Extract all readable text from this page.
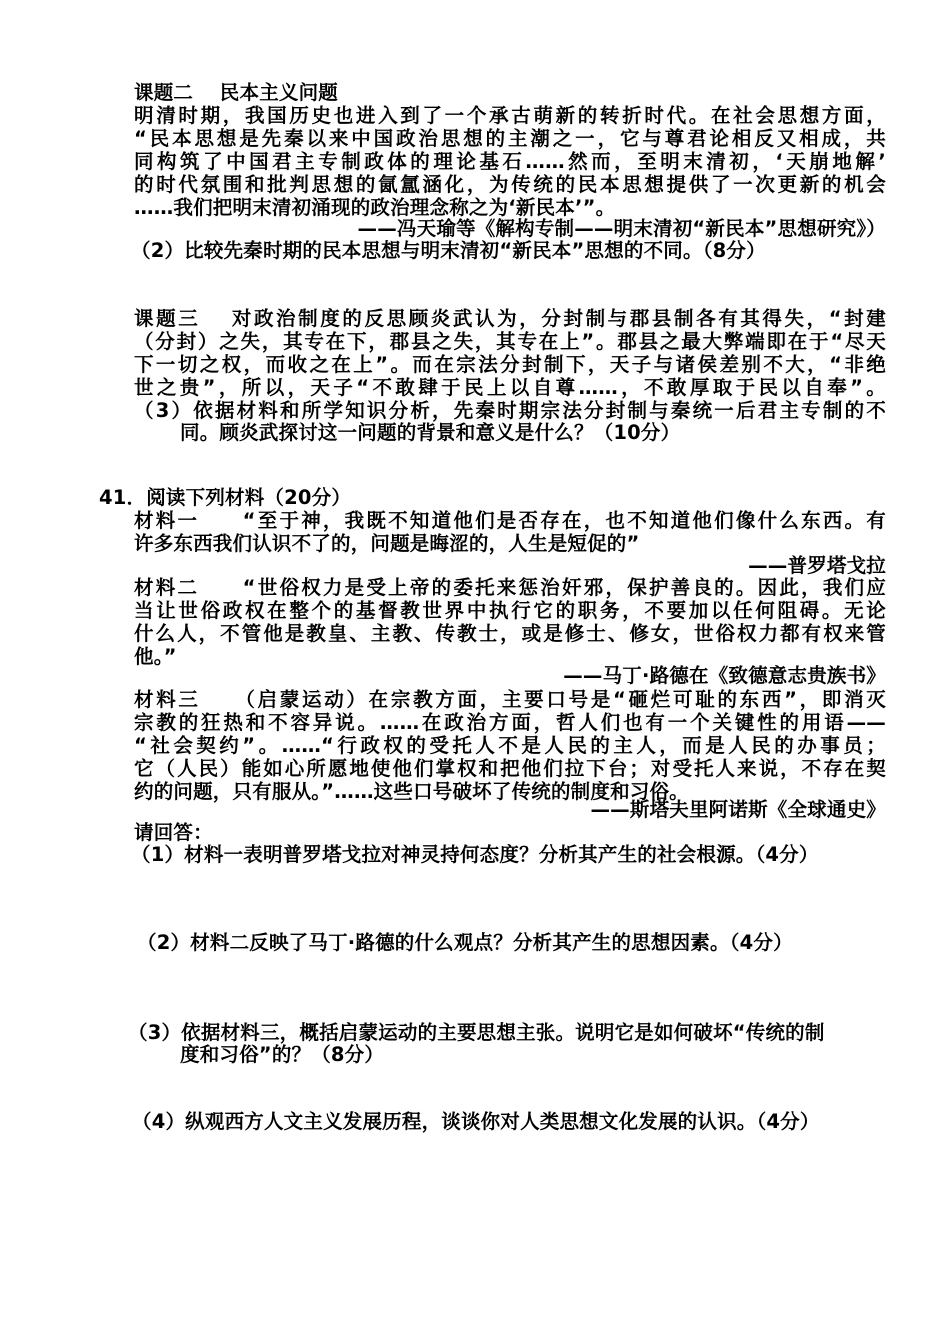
课题二　 民本主义问题
明清时期，我国历史也进入到了一个承古萌新的转折时代。在社会思想方面，
“民本思想是先秦以来中国政治思想的主潮之一，它与尊君论相反又相成，共
同构筑了中国君主专制政体的理论基石……然而，至明末清初，‘天崩地解’
的时代氛围和批判思想的氤氲涵化，为传统的民本思想提供了一次更新的机会
……我们把明末清初涌现的政治理念称之为‘新民本’”。
——冯天瑜等《解构专制——明末清初“新民本”思想研究》）
（2）比较先秦时期的民本思想与明末清初“新民本”思想的不同。（8分）
课题三　 对政治制度的反思顾炎武认为，分封制与郡县制各有其得失，“封建
（分封）之失，其专在下，郡县之失，其专在上”。郡县之最大弊端即在于“尽天
下一切之权，而收之在上”。而在宗法分封制下，天子与诸侯差别不大，“非绝
世之贵”，所以，天子“不敢肆于民上以自尊……，不敢厚取于民以自奉”。
（3）依据材料和所学知识分析，先秦时期宗法分封制与秦统一后君主专制的不
同。顾炎武探讨这一问题的背景和意义是什么？（10分）
41．阅读下列材料（20分）
材料一　　“至于神，我既不知道他们是否存在，也不知道他们像什么东西。有
许多东西我们认识不了的，问题是晦涩的，人生是短促的”
——普罗塔戈拉
材料二　　“世俗权力是受上帝的委托来惩治奸邪，保护善良的。因此，我们应
当让世俗政权在整个的基督教世界中执行它的职务，不要加以任何阻碍。无论
什么人，不管他是教皇、主教、传教士，或是修士、修女，世俗权力都有权来管
他。”
——马丁·路德在《致德意志贵族书》
材料三　　（启蒙运动）在宗教方面，主要口号是“砸烂可耻的东西”，即消灭
宗教的狂热和不容异说。……在政治方面，哲人们也有一个关键性的用语——
“社会契约”。……“行政权的受托人不是人民的主人，而是人民的办事员；
它（人民）能如心所愿地使他们掌权和把他们拉下台；对受托人来说，不存在契
约的问题，只有服从。”……这些口号破坏了传统的制度和习俗。
——斯塔夫里阿诺斯《全球通史》
请回答：
（1）材料一表明普罗塔戈拉对神灵持何态度？分析其产生的社会根源。（4分）
（2）材料二反映了马丁·路德的什么观点？分析其产生的思想因素。（4分）
（3）依据材料三，概括启蒙运动的主要思想主张。说明它是如何破坏“传统的制
度和习俗”的？（8分）
（4）纵观西方人文主义发展历程，谈谈你对人类思想文化发展的认识。（4分）
